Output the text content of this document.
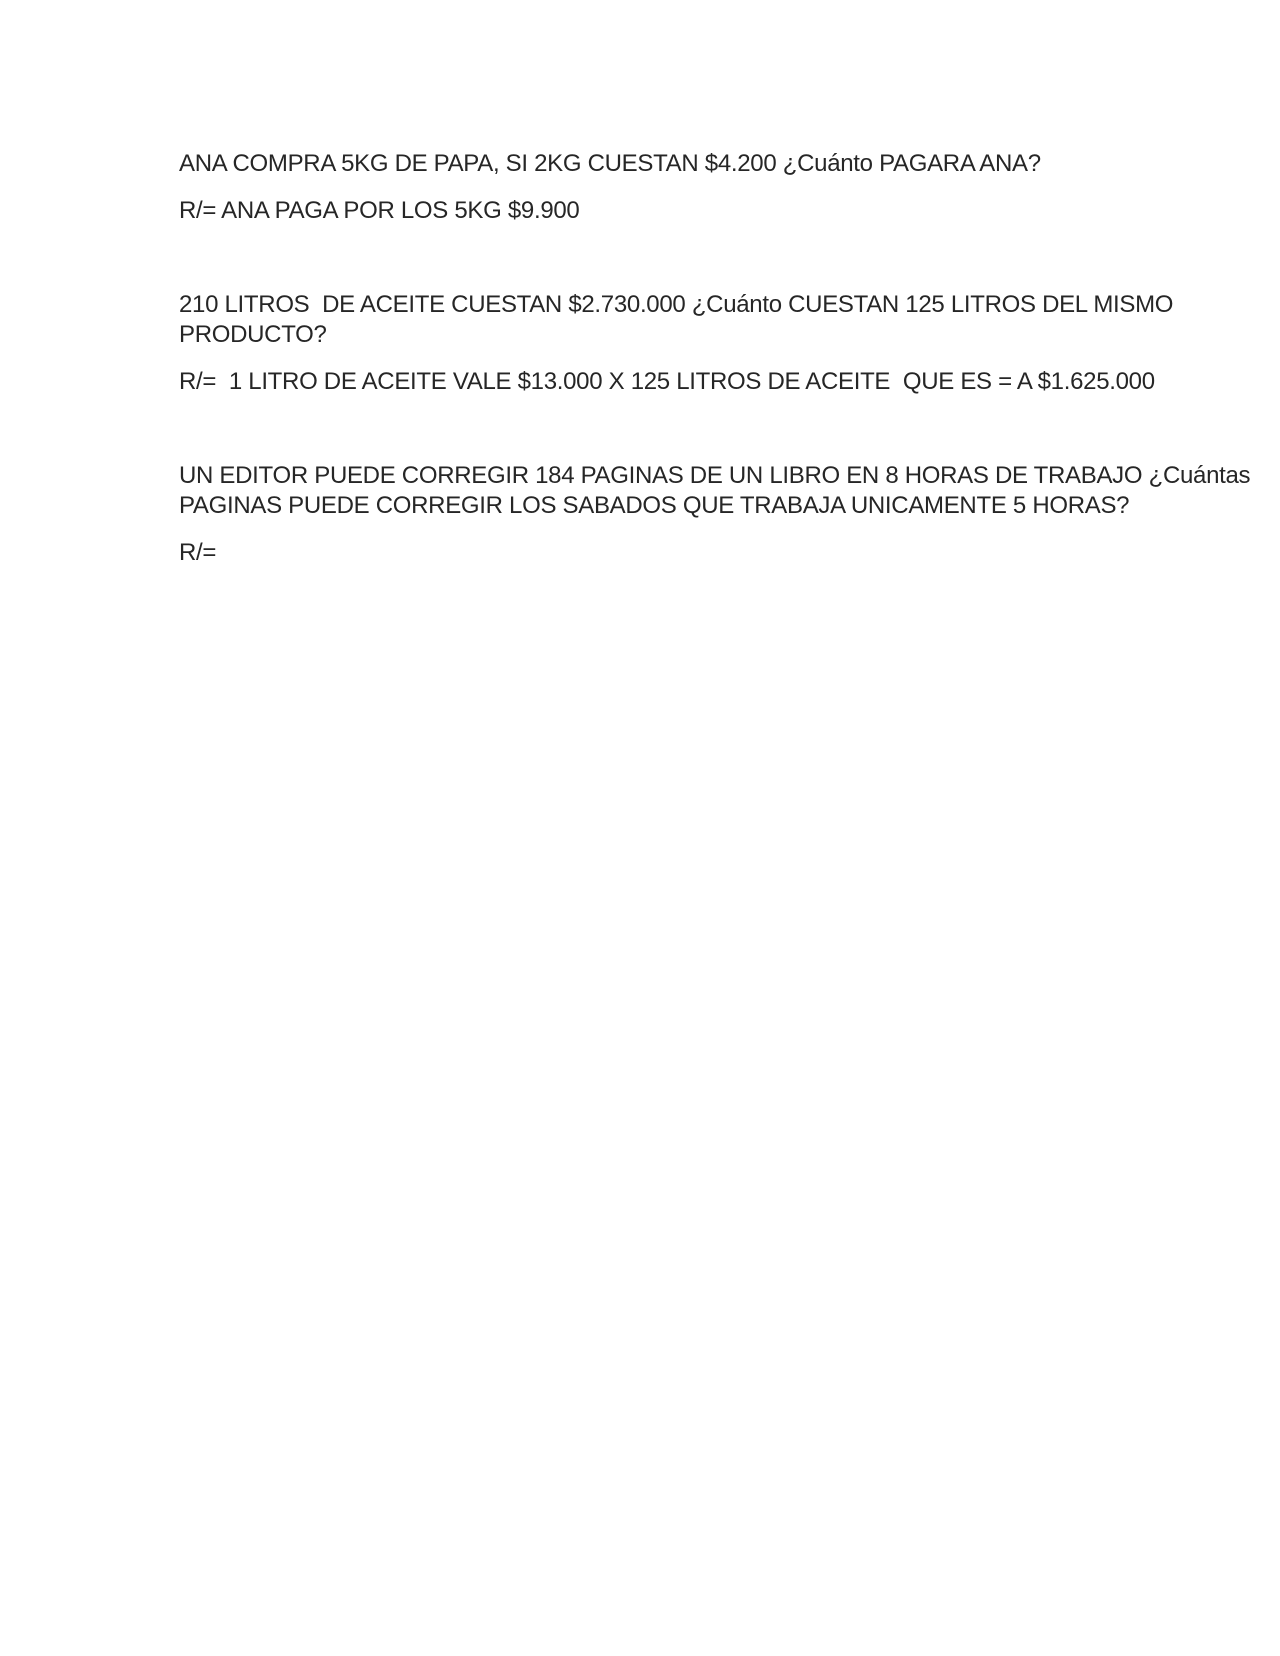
ANA COMPRA 5KG DE PAPA, SI 2KG CUESTAN $4.200 ¿Cuánto PAGARA ANA?
R/= ANA PAGA POR LOS 5KG $9.900
210 LITROS  DE ACEITE CUESTAN $2.730.000 ¿Cuánto CUESTAN 125 LITROS DEL MISMO
PRODUCTO?
R/=  1 LITRO DE ACEITE VALE $13.000 X 125 LITROS DE ACEITE  QUE ES = A $1.625.000
UN EDITOR PUEDE CORREGIR 184 PAGINAS DE UN LIBRO EN 8 HORAS DE TRABAJO ¿Cuántas
PAGINAS PUEDE CORREGIR LOS SABADOS QUE TRABAJA UNICAMENTE 5 HORAS?
R/=
